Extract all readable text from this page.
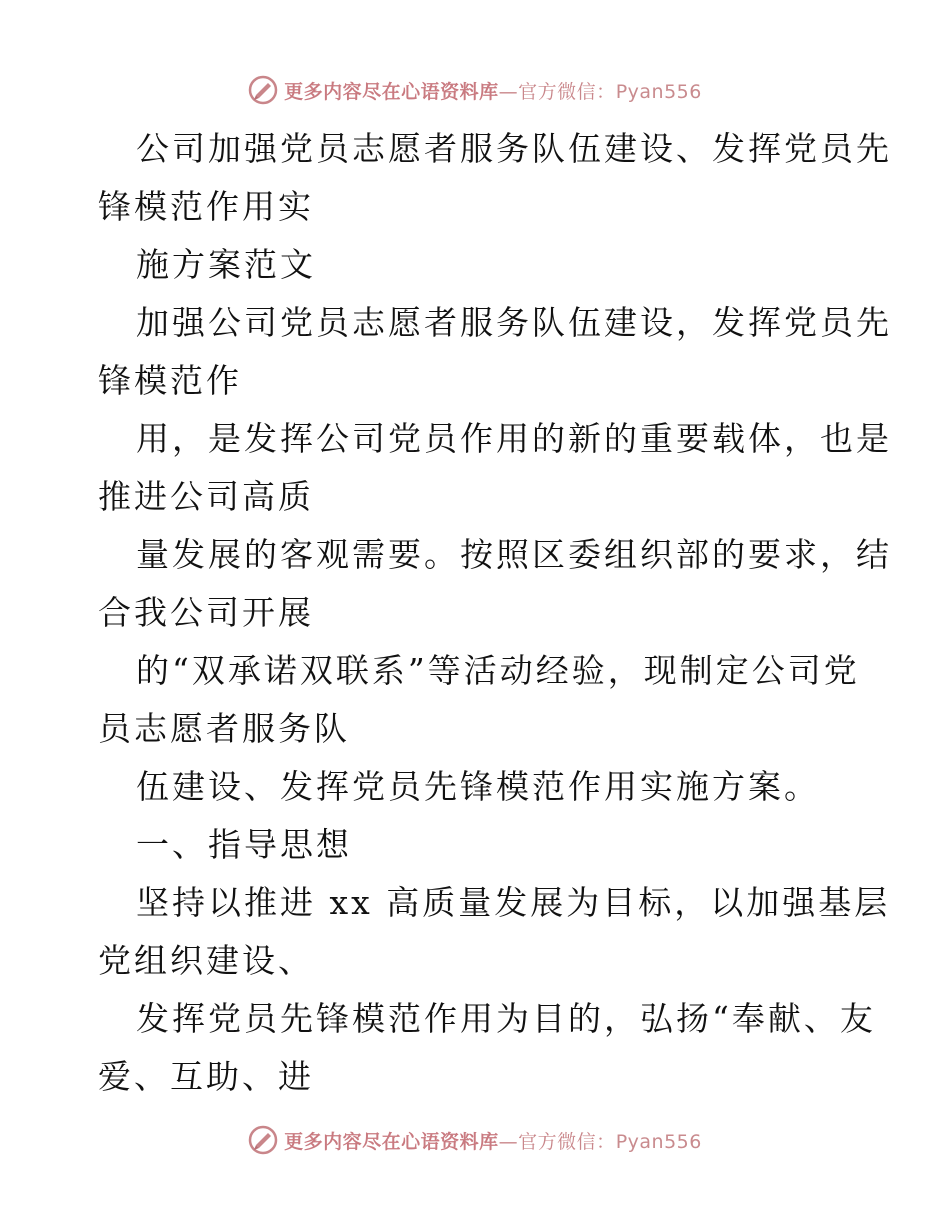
更多内容尽在心语资料库—官方微信：Pyan556
公司加强党员志愿者服务队伍建设、发挥党员先
锋模范作用实
施方案范文
加强公司党员志愿者服务队伍建设，发挥党员先
锋模范作
用，是发挥公司党员作用的新的重要载体，也是
推进公司高质
量发展的客观需要。按照区委组织部的要求，结
合我公司开展
的“双承诺双联系”等活动经验，现制定公司党
员志愿者服务队
伍建设、发挥党员先锋模范作用实施方案。
一、指导思想
坚持以推进 xx 高质量发展为目标，以加强基层
党组织建设、
发挥党员先锋模范作用为目的，弘扬“奉献、友
爱、互助、进
更多内容尽在心语资料库—官方微信：Pyan556
